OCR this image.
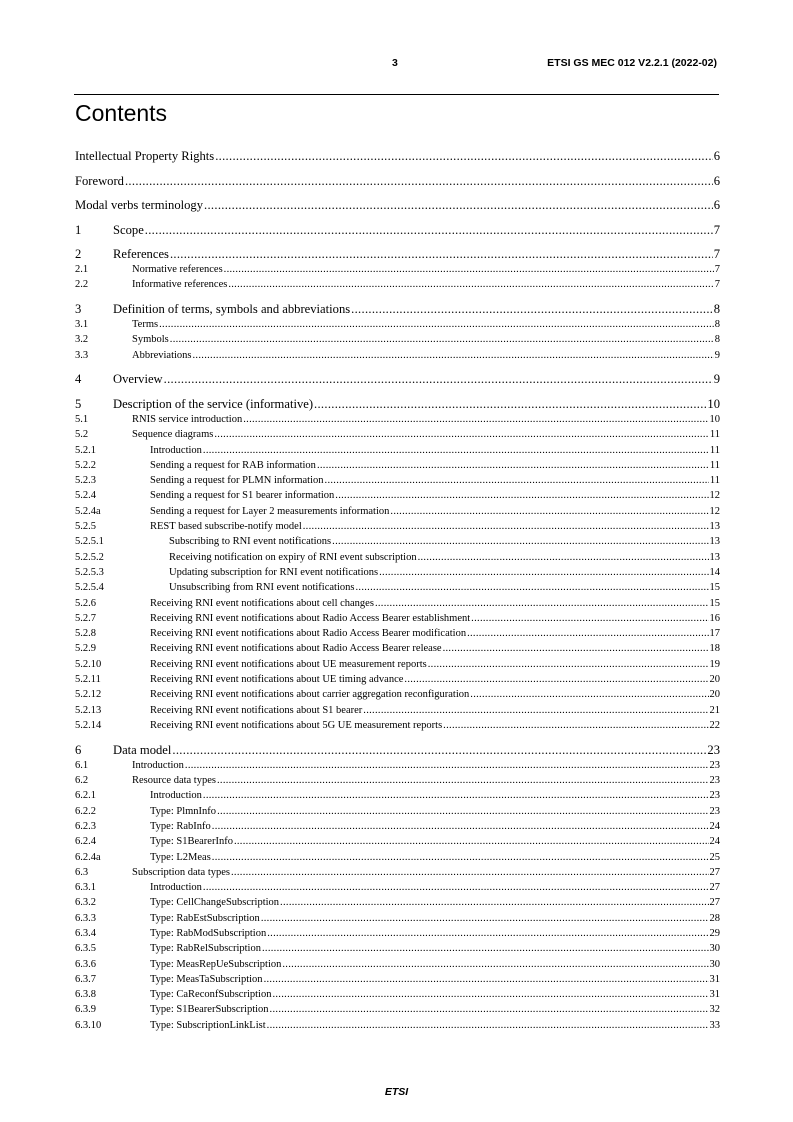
3	ETSI GS MEC 012 V2.2.1 (2022-02)
Contents
Intellectual Property Rights .....	6
Foreword .....	6
Modal verbs terminology .....	6
1	Scope .....	7
2	References .....	7
2.1	Normative references .....	7
2.2	Informative references .....	7
3	Definition of terms, symbols and abbreviations .....	8
3.1	Terms .....	8
3.2	Symbols .....	8
3.3	Abbreviations .....	9
4	Overview .....	9
5	Description of the service (informative) .....	10
5.1	RNIS service introduction .....	10
5.2	Sequence diagrams .....	11
5.2.1	Introduction .....	11
5.2.2	Sending a request for RAB information .....	11
5.2.3	Sending a request for PLMN information .....	11
5.2.4	Sending a request for S1 bearer information .....	12
5.2.4a	Sending a request for Layer 2 measurements information .....	12
5.2.5	REST based subscribe-notify model .....	13
5.2.5.1	Subscribing to RNI event notifications .....	13
5.2.5.2	Receiving notification on expiry of RNI event subscription .....	13
5.2.5.3	Updating subscription for RNI event notifications .....	14
5.2.5.4	Unsubscribing from RNI event notifications .....	15
5.2.6	Receiving RNI event notifications about cell changes .....	15
5.2.7	Receiving RNI event notifications about Radio Access Bearer establishment .....	16
5.2.8	Receiving RNI event notifications about Radio Access Bearer modification .....	17
5.2.9	Receiving RNI event notifications about Radio Access Bearer release .....	18
5.2.10	Receiving RNI event notifications about UE measurement reports .....	19
5.2.11	Receiving RNI event notifications about UE timing advance .....	20
5.2.12	Receiving RNI event notifications about carrier aggregation reconfiguration .....	20
5.2.13	Receiving RNI event notifications about S1 bearer .....	21
5.2.14	Receiving RNI event notifications about 5G UE measurement reports .....	22
6	Data model .....	23
6.1	Introduction .....	23
6.2	Resource data types .....	23
6.2.1	Introduction .....	23
6.2.2	Type: PlmnInfo .....	23
6.2.3	Type: RabInfo .....	24
6.2.4	Type: S1BearerInfo .....	24
6.2.4a	Type: L2Meas .....	25
6.3	Subscription data types .....	27
6.3.1	Introduction .....	27
6.3.2	Type: CellChangeSubscription .....	27
6.3.3	Type: RabEstSubscription .....	28
6.3.4	Type: RabModSubscription .....	29
6.3.5	Type: RabRelSubscription .....	30
6.3.6	Type: MeasRepUeSubscription .....	30
6.3.7	Type: MeasTaSubscription .....	31
6.3.8	Type: CaReconfSubscription .....	31
6.3.9	Type: S1BearerSubscription .....	32
6.3.10	Type: SubscriptionLinkList .....	33
ETSI
